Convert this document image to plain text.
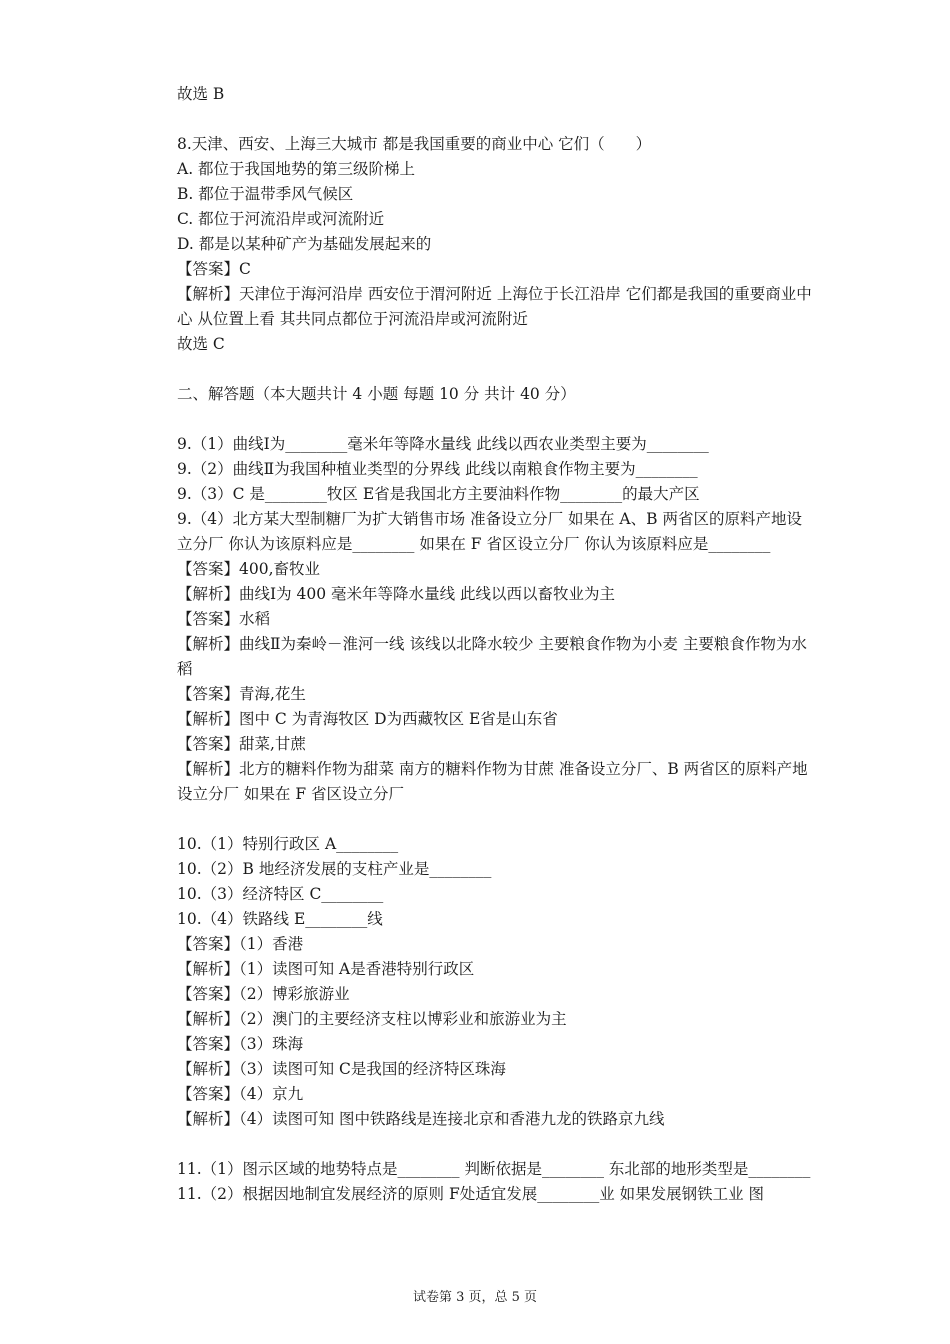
故选 B
8.天津、西安、上海三大城市 都是我国重要的商业中心 它们（　　）
A. 都位于我国地势的第三级阶梯上
B. 都位于温带季风气候区
C. 都位于河流沿岸或河流附近
D. 都是以某种矿产为基础发展起来的
【答案】C
【解析】天津位于海河沿岸 西安位于渭河附近 上海位于长江沿岸 它们都是我国的重要商业中心 从位置上看 其共同点都位于河流沿岸或河流附近
故选 C
二、解答题（本大题共计 4 小题 每题 10 分 共计 40 分）
9.（1）曲线Ⅰ为________毫米年等降水量线 此线以西农业类型主要为________
9.（2）曲线Ⅱ为我国种植业类型的分界线 此线以南粮食作物主要为________
9.（3）C 是________牧区 E省是我国北方主要油料作物________的最大产区
9.（4）北方某大型制糖厂为扩大销售市场 准备设立分厂 如果在 A、B 两省区的原料产地设立分厂 你认为该原料应是________ 如果在 F 省区设立分厂 你认为该原料应是________
【答案】400,畜牧业
【解析】曲线Ⅰ为 400 毫米年等降水量线 此线以西以畜牧业为主
【答案】水稻
【解析】曲线Ⅱ为秦岭－淮河一线 该线以北降水较少 主要粮食作物为小麦 主要粮食作物为水稻
【答案】青海,花生
【解析】图中 C 为青海牧区 D为西藏牧区 E省是山东省
【答案】甜菜,甘蔗
【解析】北方的糖料作物为甜菜 南方的糖料作物为甘蔗 准备设立分厂、B 两省区的原料产地设立分厂 如果在 F 省区设立分厂
10.（1）特别行政区 A________
10.（2）B 地经济发展的支柱产业是________
10.（3）经济特区 C________
10.（4）铁路线 E________线
【答案】（1）香港
【解析】（1）读图可知 A是香港特别行政区
【答案】（2）博彩旅游业
【解析】（2）澳门的主要经济支柱以博彩业和旅游业为主
【答案】（3）珠海
【解析】（3）读图可知 C是我国的经济特区珠海
【答案】（4）京九
【解析】（4）读图可知 图中铁路线是连接北京和香港九龙的铁路京九线
11.（1）图示区域的地势特点是________ 判断依据是________ 东北部的地形类型是________
11.（2）根据因地制宜发展经济的原则 F处适宜发展________业 如果发展钢铁工业 图
试卷第 3 页，总 5 页
